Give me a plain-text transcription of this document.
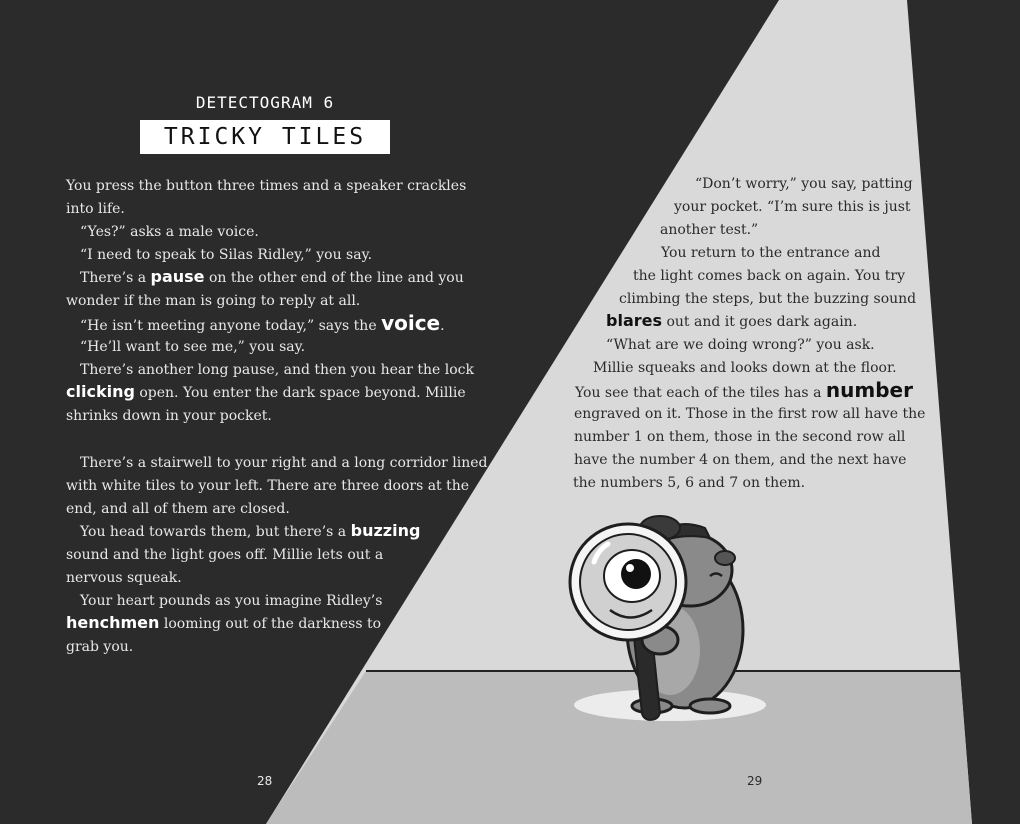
DETECTOGRAM 6
TRICKY TILES
You press the button three times and a speaker crackles
into life.
“Yes?” asks a male voice.
“I need to speak to Silas Ridley,” you say.
There’s a pause on the other end of the line and you
wonder if the man is going to reply at all.
“He isn’t meeting anyone today,” says the voice.
“He’ll want to see me,” you say.
There’s another long pause, and then you hear the lock
clicking open. You enter the dark space beyond. Millie
shrinks down in your pocket.
There’s a stairwell to your right and a long corridor lined
with white tiles to your left. There are three doors at the
end, and all of them are closed.
You head towards them, but there’s a buzzing
sound and the light goes off. Millie lets out a
nervous squeak.
Your heart pounds as you imagine Ridley’s
henchmen looming out of the darkness to
grab you.
“Don’t worry,” you say, patting
your pocket. “I’m sure this is just
another test.”
You return to the entrance and
the light comes back on again. You try
climbing the steps, but the buzzing sound
blares out and it goes dark again.
“What are we doing wrong?” you ask.
Millie squeaks and looks down at the floor.
You see that each of the tiles has a number
engraved on it. Those in the first row all have the
number 1 on them, those in the second row all
have the number 4 on them, and the next have
the numbers 5, 6 and 7 on them.
28	29
